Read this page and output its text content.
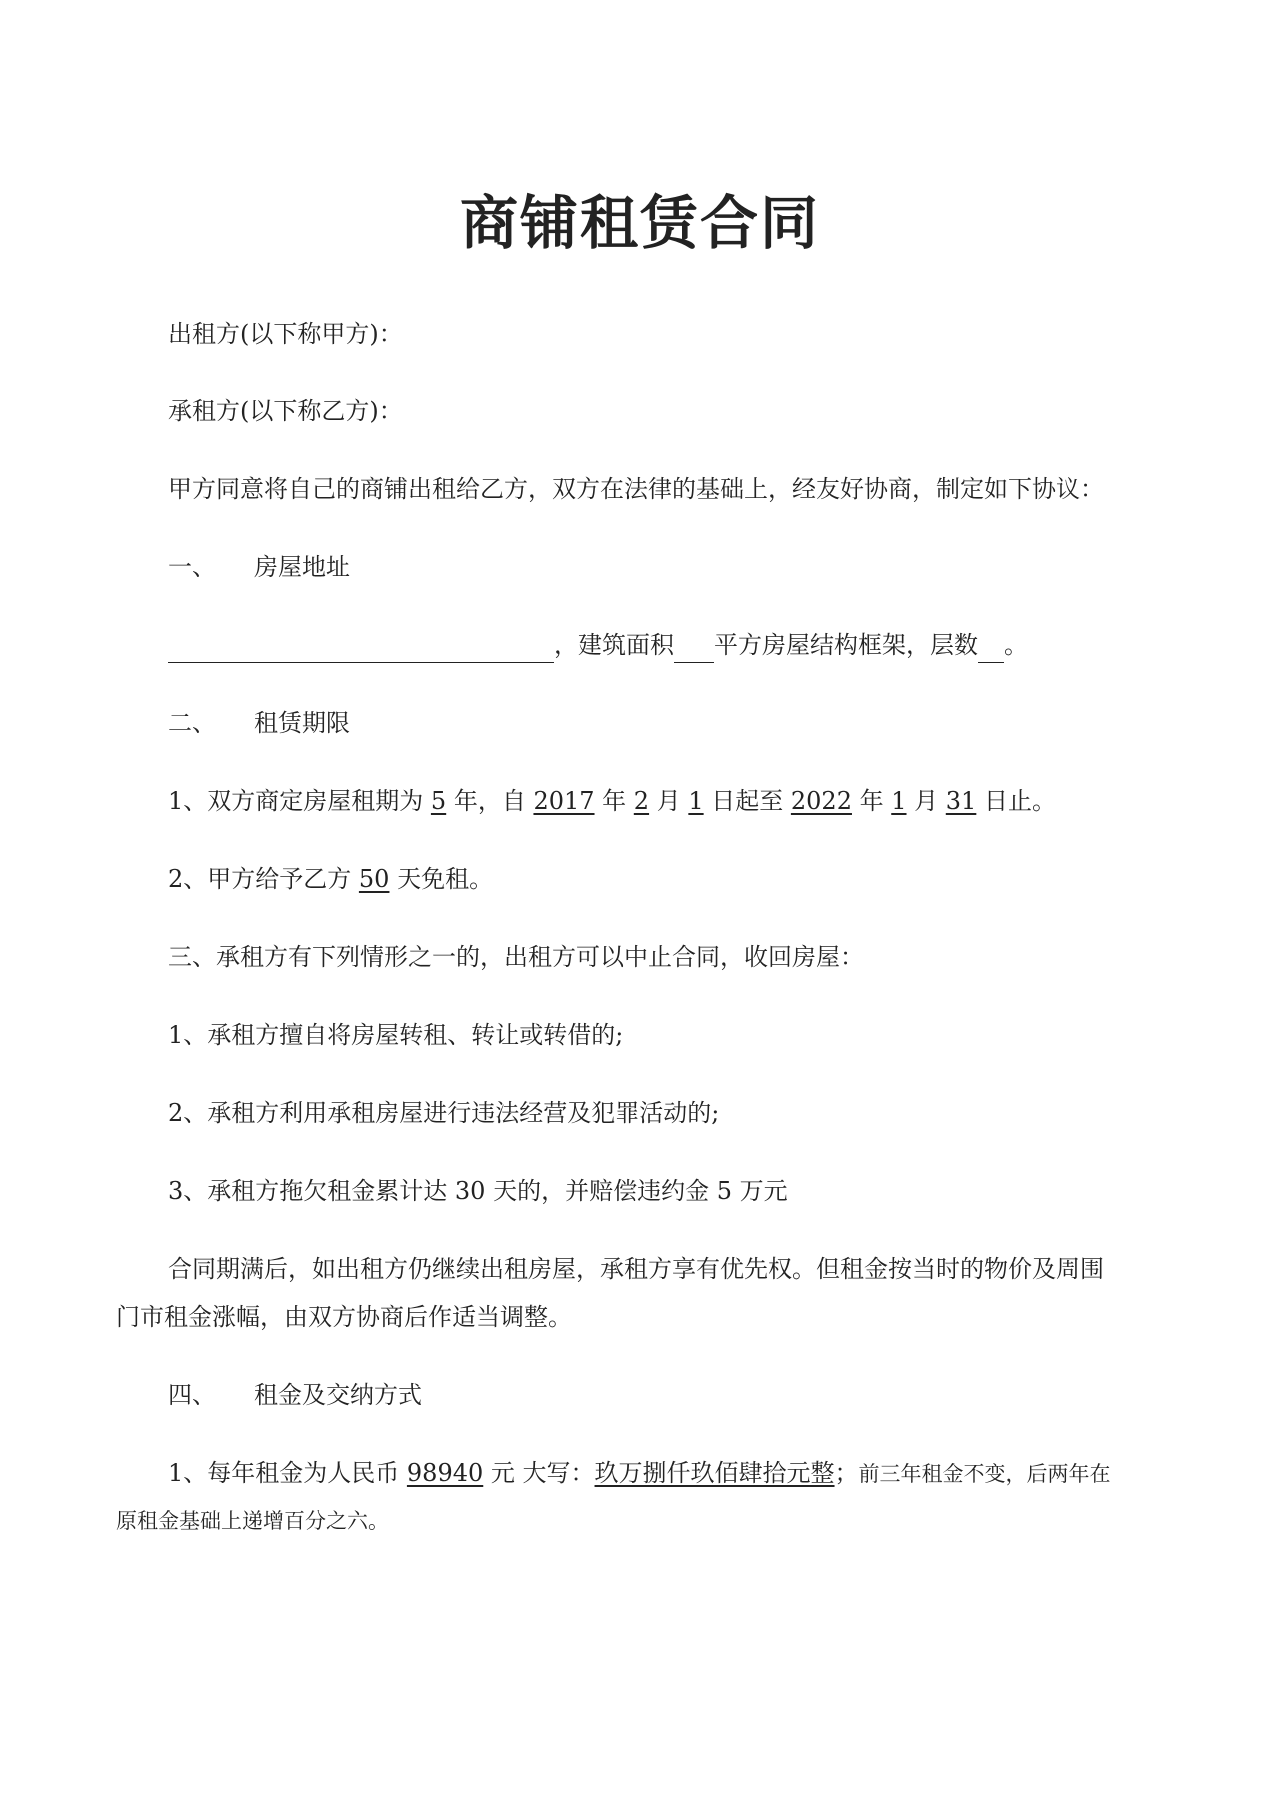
商铺租赁合同
出租方(以下称甲方)：
承租方(以下称乙方)：
甲方同意将自己的商铺出租给乙方，双方在法律的基础上，经友好协商，制定如下协议：
一、 房屋地址
，建筑面积 平方房屋结构框架，层数 。
二、 租赁期限
1、双方商定房屋租期为 5 年，自 2017 年 2 月 1 日起至 2022 年 1 月 31 日止。
2、甲方给予乙方 50 天免租。
三、承租方有下列情形之一的，出租方可以中止合同，收回房屋：
1、承租方擅自将房屋转租、转让或转借的;
2、承租方利用承租房屋进行违法经营及犯罪活动的;
3、承租方拖欠租金累计达 30 天的，并赔偿违约金 5 万元
合同期满后，如出租方仍继续出租房屋，承租方享有优先权。但租金按当时的物价及周围
门市租金涨幅，由双方协商后作适当调整。
四、 租金及交纳方式
1、每年租金为人民币 98940 元 大写：玖万捌仟玖佰肆拾元整；前三年租金不变，后两年在
原租金基础上递增百分之六。
